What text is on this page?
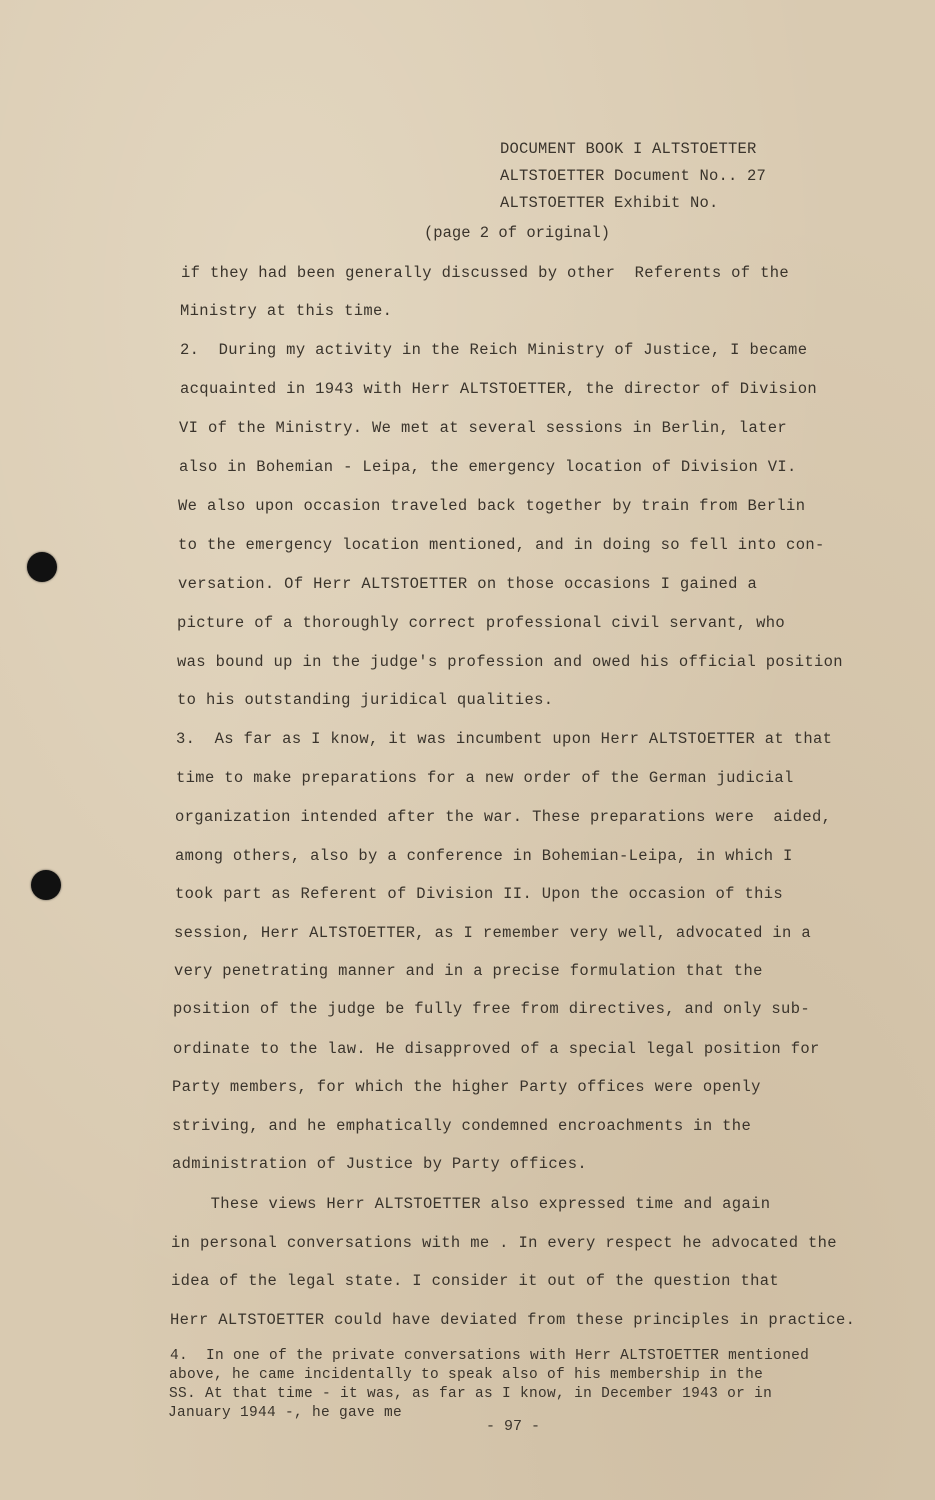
DOCUMENT BOOK I ALTSTOETTER
ALTSTOETTER Document No.. 27
ALTSTOETTER Exhibit No.
(page 2 of original)
if they had been generally discussed by other  Referents of the
Ministry at this time.
2.  During my activity in the Reich Ministry of Justice, I became
acquainted in 1943 with Herr ALTSTOETTER, the director of Division
VI of the Ministry. We met at several sessions in Berlin, later
also in Bohemian - Leipa, the emergency location of Division VI.
We also upon occasion traveled back together by train from Berlin
to the emergency location mentioned, and in doing so fell into con-
versation. Of Herr ALTSTOETTER on those occasions I gained a
picture of a thoroughly correct professional civil servant, who
was bound up in the judge's profession and owed his official position
to his outstanding juridical qualities.
3.  As far as I know, it was incumbent upon Herr ALTSTOETTER at that
time to make preparations for a new order of the German judicial
organization intended after the war. These preparations were  aided,
among others, also by a conference in Bohemian-Leipa, in which I
took part as Referent of Division II. Upon the occasion of this
session, Herr ALTSTOETTER, as I remember very well, advocated in a
very penetrating manner and in a precise formulation that the
position of the judge be fully free from directives, and only sub-
ordinate to the law. He disapproved of a special legal position for
Party members, for which the higher Party offices were openly
striving, and he emphatically condemned encroachments in the
administration of Justice by Party offices.
These views Herr ALTSTOETTER also expressed time and again
in personal conversations with me . In every respect he advocated the
idea of the legal state. I consider it out of the question that
Herr ALTSTOETTER could have deviated from these principles in practice.
4.  In one of the private conversations with Herr ALTSTOETTER mentioned
above, he came incidentally to speak also of his membership in the
SS. At that time - it was, as far as I know, in December 1943 or in
January 1944 -, he gave me
- 97 -
